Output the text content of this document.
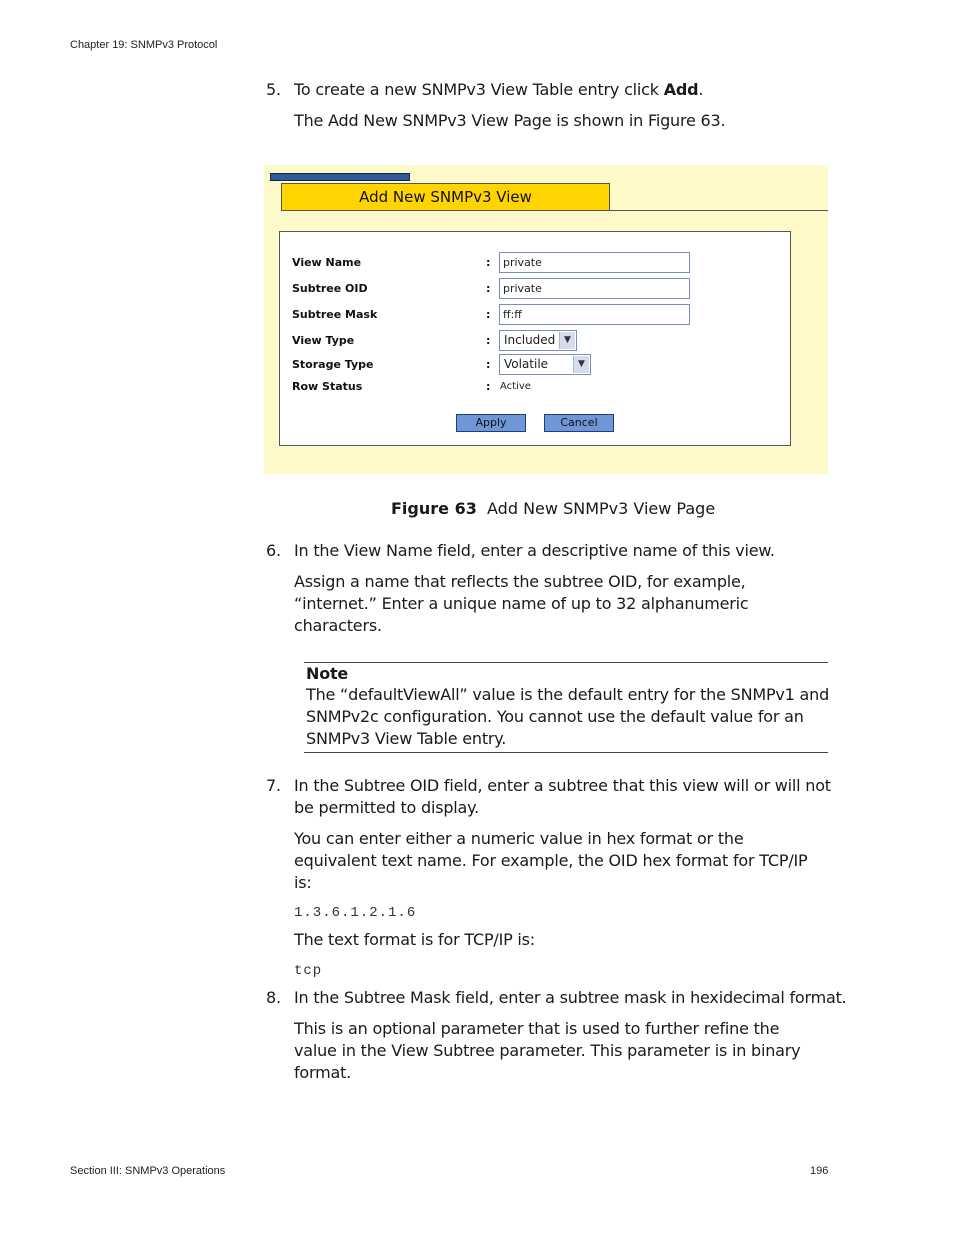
Chapter 19: SNMPv3 Protocol
5. To create a new SNMPv3 View Table entry click Add.
The Add New SNMPv3 View Page is shown in Figure 63.
Add New SNMPv3 View
View Name	:	private
Subtree OID	:	private
Subtree Mask	:	ff:ff
View Type	:	Included ▼
Storage Type	:	Volatile	▼
Row Status	: Active
Apply	Cancel
Figure 63 Add New SNMPv3 View Page
6. In the View Name field, enter a descriptive name of this view.
Assign a name that reflects the subtree OID, for example,
“internet.” Enter a unique name of up to 32 alphanumeric
characters.
Note
The “defaultViewAll” value is the default entry for the SNMPv1 and
SNMPv2c configuration. You cannot use the default value for an
SNMPv3 View Table entry.
7. In the Subtree OID field, enter a subtree that this view will or will not
be permitted to display.
You can enter either a numeric value in hex format or the
equivalent text name. For example, the OID hex format for TCP/IP
is:
1.3.6.1.2.1.6
The text format is for TCP/IP is:
tcp
8. In the Subtree Mask field, enter a subtree mask in hexidecimal format.
This is an optional parameter that is used to further refine the
value in the View Subtree parameter. This parameter is in binary
format.
Section III: SNMPv3 Operations	196
